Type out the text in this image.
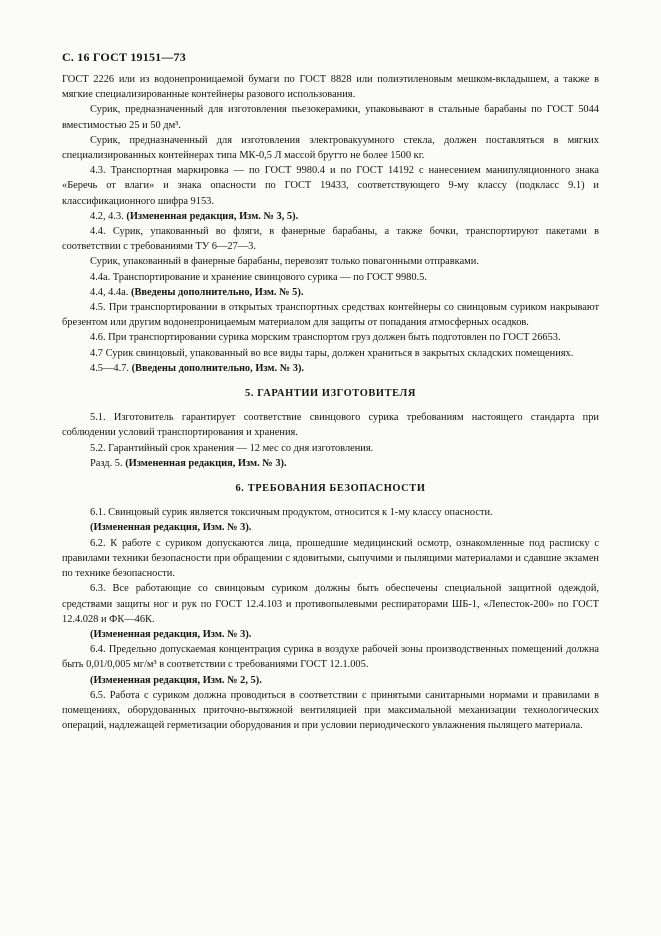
С. 16 ГОСТ 19151—73

ГОСТ 2226 или из водонепроницаемой бумаги по ГОСТ 8828 или полиэтиленовым мешком-вкладышем, а также в мягкие специализированные контейнеры разового использования.

Сурик, предназначенный для изготовления пьезокерамики, упаковывают в стальные барабаны по ГОСТ 5044 вместимостью 25 и 50 дм³.

Сурик, предназначенный для изготовления электровакуумного стекла, должен поставляться в мягких специализированных контейнерах типа МК-0,5 Л массой брутто не более 1500 кг.

4.3. Транспортная маркировка — по ГОСТ 9980.4 и по ГОСТ 14192 с нанесением манипуляционного знака «Беречь от влаги» и знака опасности по ГОСТ 19433, соответствующего 9-му классу (подкласс 9.1) и классификационного шифра 9153.

4.2, 4.3. (Измененная редакция, Изм. № 3, 5).

4.4. Сурик, упакованный во фляги, в фанерные барабаны, а также бочки, транспортируют пакетами в соответствии с требованиями ТУ 6—27—3.

Сурик, упакованный в фанерные барабаны, перевозят только повагонными отправками.

4.4а. Транспортирование и хранение свинцового сурика — по ГОСТ 9980.5.

4.4, 4.4а. (Введены дополнительно, Изм. № 5).

4.5. При транспортировании в открытых транспортных средствах контейнеры со свинцовым суриком накрывают брезентом или другим водонепроницаемым материалом для защиты от попадания атмосферных осадков.

4.6. При транспортировании сурика морским транспортом груз должен быть подготовлен по ГОСТ 26653.

4.7 Сурик свинцовый, упакованный во все виды тары, должен храниться в закрытых складских помещениях.

4.5—4.7. (Введены дополнительно, Изм. № 3).

5. ГАРАНТИИ ИЗГОТОВИТЕЛЯ

5.1. Изготовитель гарантирует соответствие свинцового сурика требованиям настоящего стандарта при соблюдении условий транспортирования и хранения.

5.2. Гарантийный срок хранения — 12 мес со дня изготовления.

Разд. 5. (Измененная редакция, Изм. № 3).

6. ТРЕБОВАНИЯ БЕЗОПАСНОСТИ

6.1. Свинцовый сурик является токсичным продуктом, относится к 1-му классу опасности.

(Измененная редакция, Изм. № 3).

6.2. К работе с суриком допускаются лица, прошедшие медицинский осмотр, ознакомленные под расписку с правилами техники безопасности при обращении с ядовитыми, сыпучими и пылящими материалами и сдавшие экзамен по технике безопасности.

6.3. Все работающие со свинцовым суриком должны быть обеспечены специальной защитной одеждой, средствами защиты ног и рук по ГОСТ 12.4.103 и противопылевыми респираторами ШБ-1, «Лепесток-200» по ГОСТ 12.4.028 и ФК—46К.

(Измененная редакция, Изм. № 3).

6.4. Предельно допускаемая концентрация сурика в воздухе рабочей зоны производственных помещений должна быть 0,01/0,005 мг/м³ в соответствии с требованиями ГОСТ 12.1.005.

(Измененная редакция, Изм. № 2, 5).

6.5. Работа с суриком должна проводиться в соответствии с принятыми санитарными нормами и правилами в помещениях, оборудованных приточно-вытяжной вентиляцией при максимальной механизации технологических операций, надлежащей герметизации оборудования и при условии периодического увлажнения пылящего материала.
